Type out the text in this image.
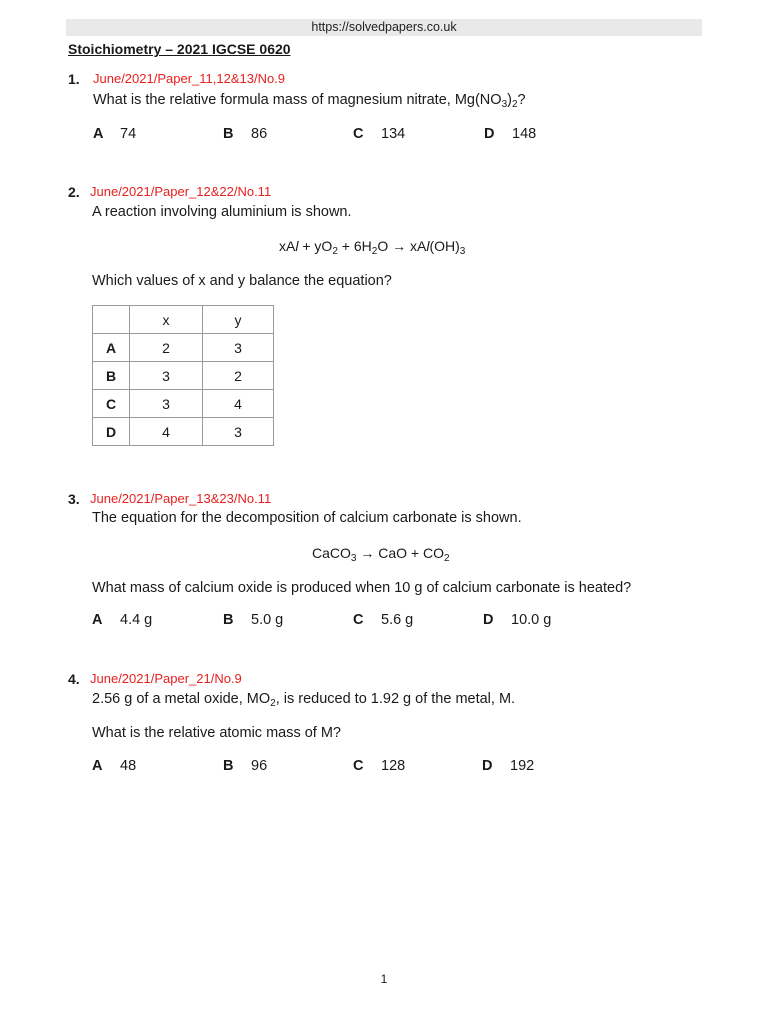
https://solvedpapers.co.uk
Stoichiometry – 2021 IGCSE 0620
1. June/2021/Paper_11,12&13/No.9
What is the relative formula mass of magnesium nitrate, $Mg(NO_3)_2$?
A 74	B 86	C 134	D 148
2. June/2021/Paper_12&22/No.11
A reaction involving aluminium is shown.
xAl + $yO_2 + 6H_2O \to xAl(OH)_3$
Which values of x and y balance the equation?
	x	y
A	2	3
B	3	2
C	3	4
D	4	3
3. June/2021/Paper_13&23/No.11
The equation for the decomposition of calcium carbonate is shown.
CaCO$_3$ → CaO + $CO_2$
What mass of calcium oxide is produced when 10 g of calcium carbonate is heated?
A 4.4 g	B 5.0 g	C 5.6 g	D 10.0 g
4. June/2021/Paper_21/No.9
2.56 g of a metal oxide, $MO_2$, is reduced to 1.92 g of the metal, M.
What is the relative atomic mass of M?
A 48	B 96	C 128	D 192
1
